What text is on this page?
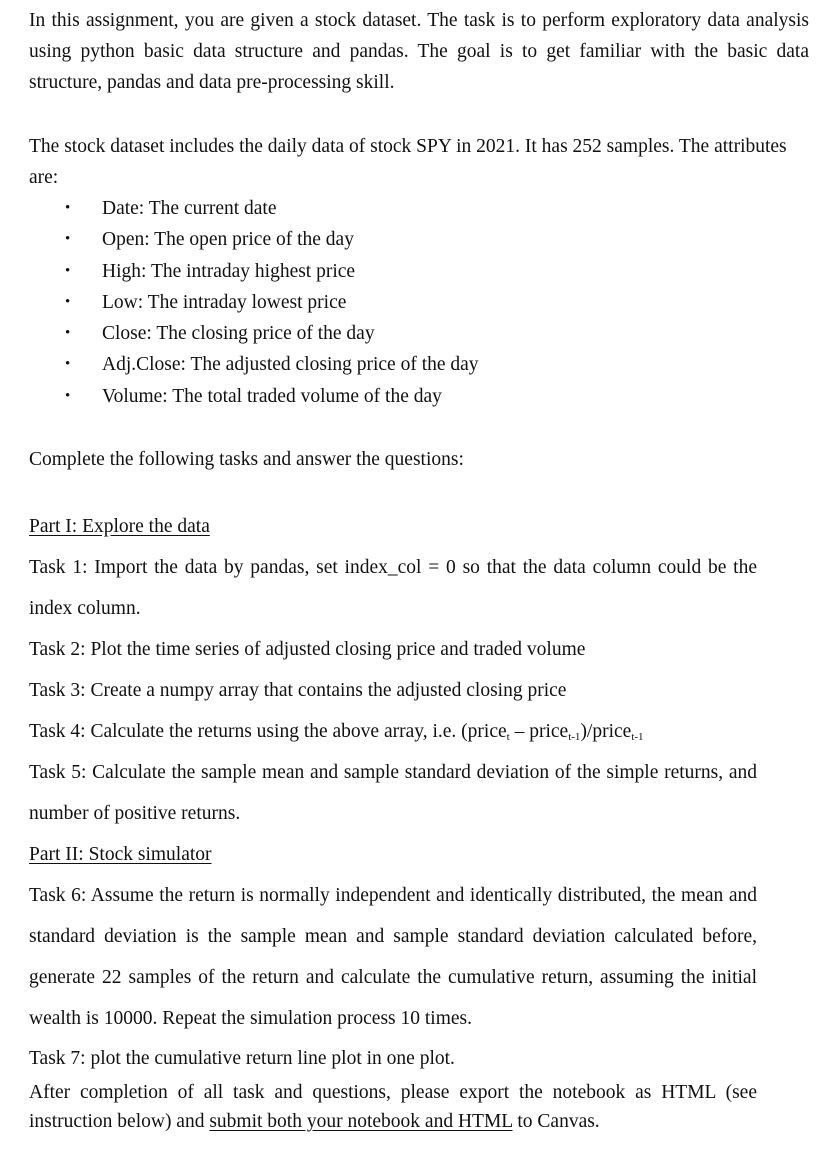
In this assignment, you are given a stock dataset. The task is to perform exploratory data analysis using python basic data structure and pandas. The goal is to get familiar with the basic data structure, pandas and data pre-processing skill.
The stock dataset includes the daily data of stock SPY in 2021. It has 252 samples. The attributes are:
• Date: The current date
• Open: The open price of the day
• High: The intraday highest price
• Low: The intraday lowest price
• Close: The closing price of the day
• Adj.Close: The adjusted closing price of the day
• Volume: The total traded volume of the day
Complete the following tasks and answer the questions:
Part I: Explore the data
Task 1: Import the data by pandas, set index_col = 0 so that the data column could be the index column.
Task 2: Plot the time series of adjusted closing price and traded volume
Task 3: Create a numpy array that contains the adjusted closing price
Task 4: Calculate the returns using the above array, i.e. (price$_t$ – price$_{t-1}$)/price$_{t-1}$
Task 5: Calculate the sample mean and sample standard deviation of the simple returns, and number of positive returns.
Part II: Stock simulator
Task 6: Assume the return is normally independent and identically distributed, the mean and standard deviation is the sample mean and sample standard deviation calculated before, generate 22 samples of the return and calculate the cumulative return, assuming the initial wealth is 10000. Repeat the simulation process 10 times.
Task 7: plot the cumulative return line plot in one plot.
After completion of all task and questions, please export the notebook as HTML (see instruction below) and submit both your notebook and HTML to Canvas.
